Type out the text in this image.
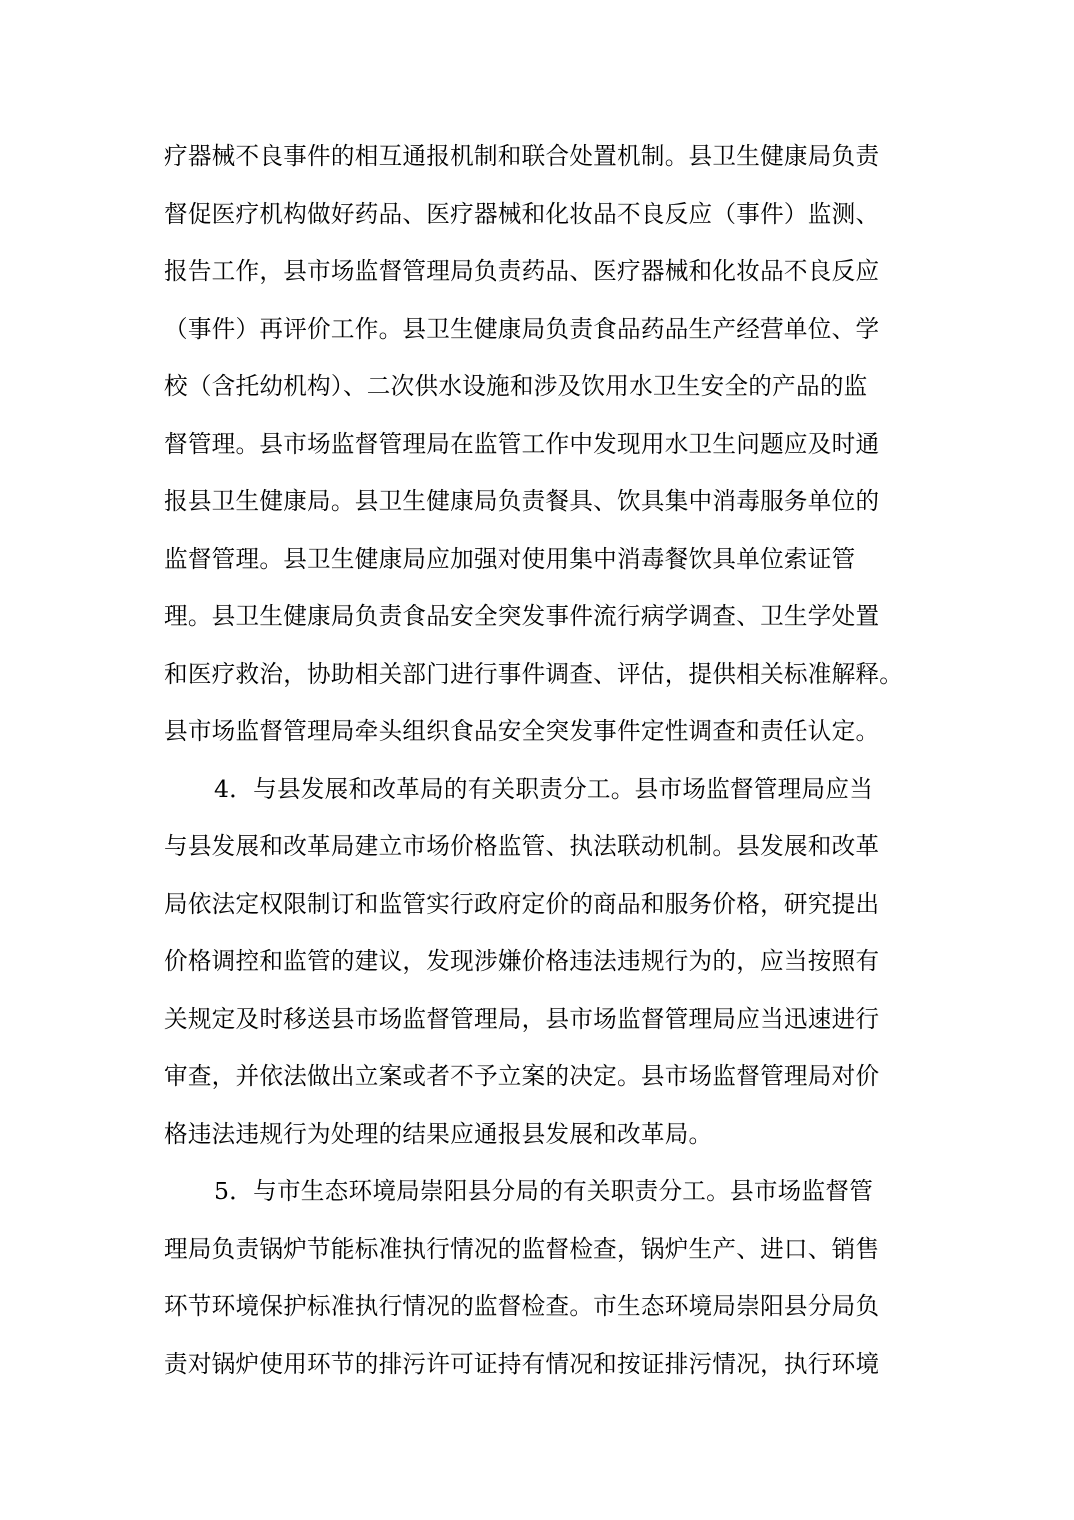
疗器械不良事件的相互通报机制和联合处置机制。县卫生健康局负责
督促医疗机构做好药品、医疗器械和化妆品不良反应（事件）监测、
报告工作，县市场监督管理局负责药品、医疗器械和化妆品不良反应
（事件）再评价工作。县卫生健康局负责食品药品生产经营单位、学
校（含托幼机构）、二次供水设施和涉及饮用水卫生安全的产品的监
督管理。县市场监督管理局在监管工作中发现用水卫生问题应及时通
报县卫生健康局。县卫生健康局负责餐具、饮具集中消毒服务单位的
监督管理。县卫生健康局应加强对使用集中消毒餐饮具单位索证管
理。县卫生健康局负责食品安全突发事件流行病学调查、卫生学处置
和医疗救治，协助相关部门进行事件调查、评估，提供相关标准解释。
县市场监督管理局牵头组织食品安全突发事件定性调查和责任认定。
4．与县发展和改革局的有关职责分工。县市场监督管理局应当
与县发展和改革局建立市场价格监管、执法联动机制。县发展和改革
局依法定权限制订和监管实行政府定价的商品和服务价格，研究提出
价格调控和监管的建议，发现涉嫌价格违法违规行为的，应当按照有
关规定及时移送县市场监督管理局，县市场监督管理局应当迅速进行
审查，并依法做出立案或者不予立案的决定。县市场监督管理局对价
格违法违规行为处理的结果应通报县发展和改革局。
5．与市生态环境局崇阳县分局的有关职责分工。县市场监督管
理局负责锅炉节能标准执行情况的监督检查，锅炉生产、进口、销售
环节环境保护标准执行情况的监督检查。市生态环境局崇阳县分局负
责对锅炉使用环节的排污许可证持有情况和按证排污情况，执行环境
